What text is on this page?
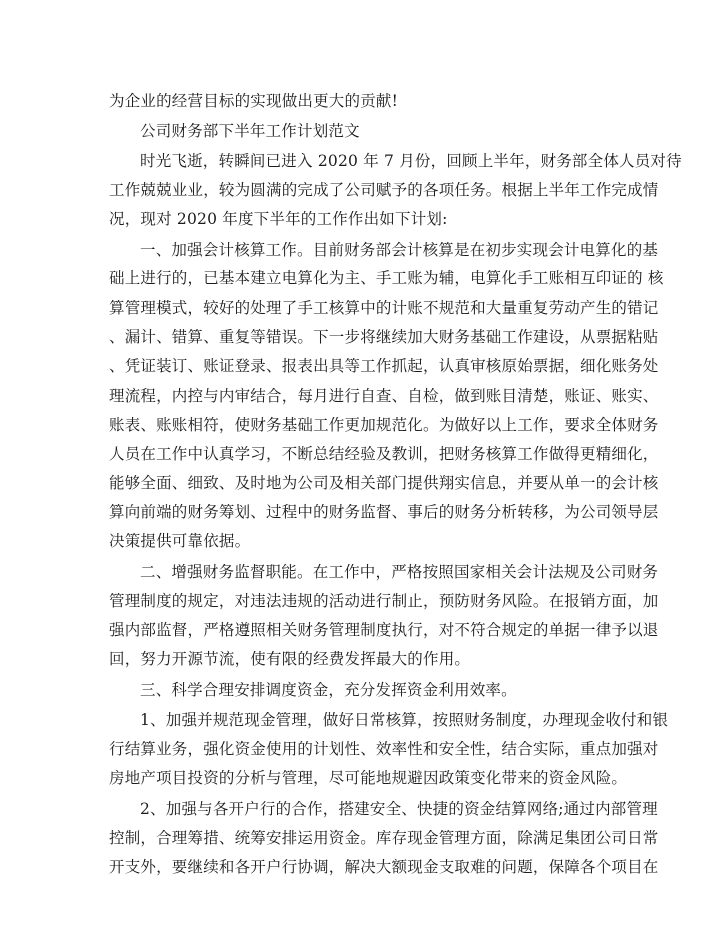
为企业的经营目标的实现做出更大的贡献!
公司财务部下半年工作计划范文
时光飞逝，转瞬间已进入 2020 年 7 月份，回顾上半年，财务部全体人员对待
工作兢兢业业，较为圆满的完成了公司赋予的各项任务。根据上半年工作完成情
况，现对 2020 年度下半年的工作作出如下计划:
一、加强会计核算工作。目前财务部会计核算是在初步实现会计电算化的基
础上进行的，已基本建立电算化为主、手工账为辅，电算化手工账相互印证的 核
算管理模式，较好的处理了手工核算中的计账不规范和大量重复劳动产生的错记
、漏计、错算、重复等错误。下一步将继续加大财务基础工作建设，从票据粘贴
、凭证装订、账证登录、报表出具等工作抓起，认真审核原始票据，细化账务处
理流程，内控与内审结合，每月进行自查、自检，做到账目清楚，账证、账实、
账表、账账相符，使财务基础工作更加规范化。为做好以上工作，要求全体财务
人员在工作中认真学习，不断总结经验及教训，把财务核算工作做得更精细化，
能够全面、细致、及时地为公司及相关部门提供翔实信息，并要从单一的会计核
算向前端的财务筹划、过程中的财务监督、事后的财务分析转移，为公司领导层
决策提供可靠依据。
二、增强财务监督职能。在工作中，严格按照国家相关会计法规及公司财务
管理制度的规定，对违法违规的活动进行制止，预防财务风险。在报销方面，加
强内部监督，严格遵照相关财务管理制度执行，对不符合规定的单据一律予以退
回，努力开源节流，使有限的经费发挥最大的作用。
三、科学合理安排调度资金，充分发挥资金利用效率。
1、加强并规范现金管理，做好日常核算，按照财务制度，办理现金收付和银
行结算业务，强化资金使用的计划性、效率性和安全性，结合实际，重点加强对
房地产项目投资的分析与管理，尽可能地规避因政策变化带来的资金风险。
2、加强与各开户行的合作，搭建安全、快捷的资金结算网络;通过内部管理
控制，合理筹措、统筹安排运用资金。库存现金管理方面，除满足集团公司日常
开支外，要继续和各开户行协调，解决大额现金支取难的问题，保障各个项目在
